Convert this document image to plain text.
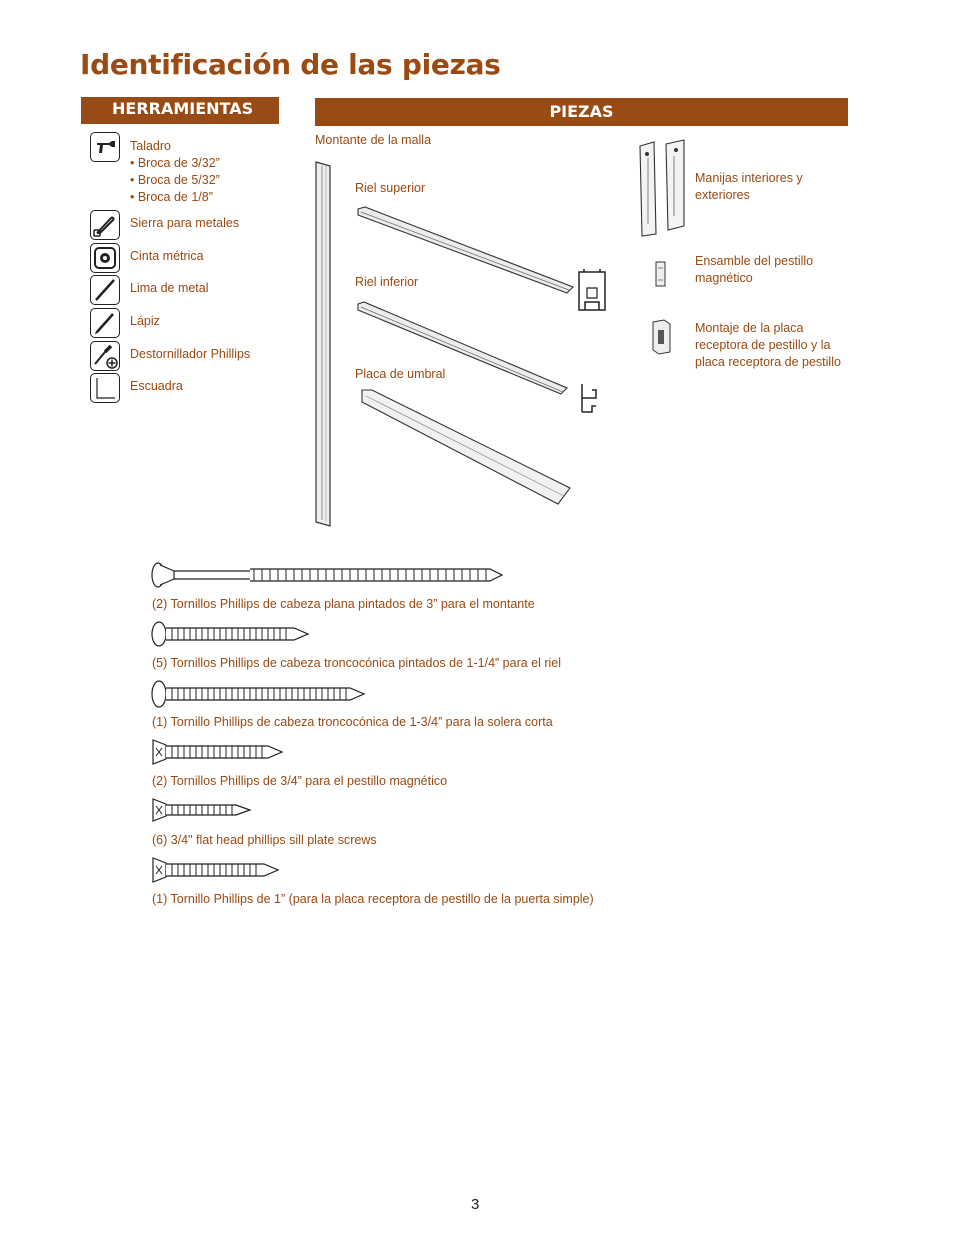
Identificación de las piezas
HERRAMIENTAS
Taladro
• Broca de 3/32”
• Broca de 5/32”
• Broca de 1/8”
Sierra para metales
Cinta métrica
Lima de metal
Lápiz
Destornillador Phillips
Escuadra
PIEZAS
Montante de la malla
Riel superior
Riel inferior
Placa de umbral
Manijas interiores y exteriores
Ensamble del pestillo magnético
Montaje de la placa receptora de pestillo y la placa receptora de pestillo
(2) Tornillos Phillips de cabeza plana pintados de 3” para el montante
(5) Tornillos Phillips de cabeza troncocónica pintados de 1-1/4” para el riel
(1) Tornillo Phillips de cabeza troncocónica de 1-3/4” para la solera corta
(2) Tornillos Phillips de 3/4” para el pestillo magnético
(6) 3/4" flat head phillips sill plate screws
(1) Tornillo Phillips de 1” (para la placa receptora de pestillo de la puerta simple)
3
